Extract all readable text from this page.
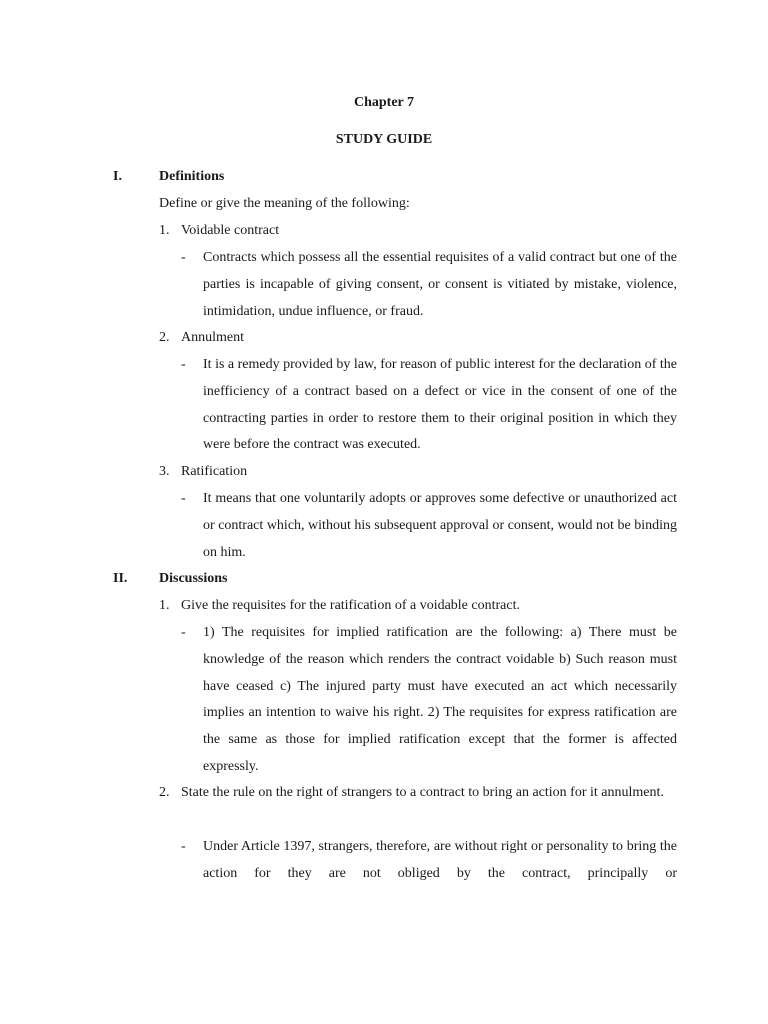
Chapter 7
STUDY GUIDE
I.	Definitions
Define or give the meaning of the following:
1. Voidable contract
- Contracts which possess all the essential requisites of a valid contract but one of the parties is incapable of giving consent, or consent is vitiated by mistake, violence, intimidation, undue influence, or fraud.
2. Annulment
- It is a remedy provided by law, for reason of public interest for the declaration of the inefficiency of a contract based on a defect or vice in the consent of one of the contracting parties in order to restore them to their original position in which they were before the contract was executed.
3. Ratification
- It means that one voluntarily adopts or approves some defective or unauthorized act or contract which, without his subsequent approval or consent, would not be binding on him.
II. Discussions
1. Give the requisites for the ratification of a voidable contract.
- 1) The requisites for implied ratification are the following: a) There must be knowledge of the reason which renders the contract voidable b) Such reason must have ceased c) The injured party must have executed an act which necessarily implies an intention to waive his right. 2) The requisites for express ratification are the same as those for implied ratification except that the former is affected expressly.
2. State the rule on the right of strangers to a contract to bring an action for it annulment.
- Under Article 1397, strangers, therefore, are without right or personality to bring the action for they are not obliged by the contract, principally or
